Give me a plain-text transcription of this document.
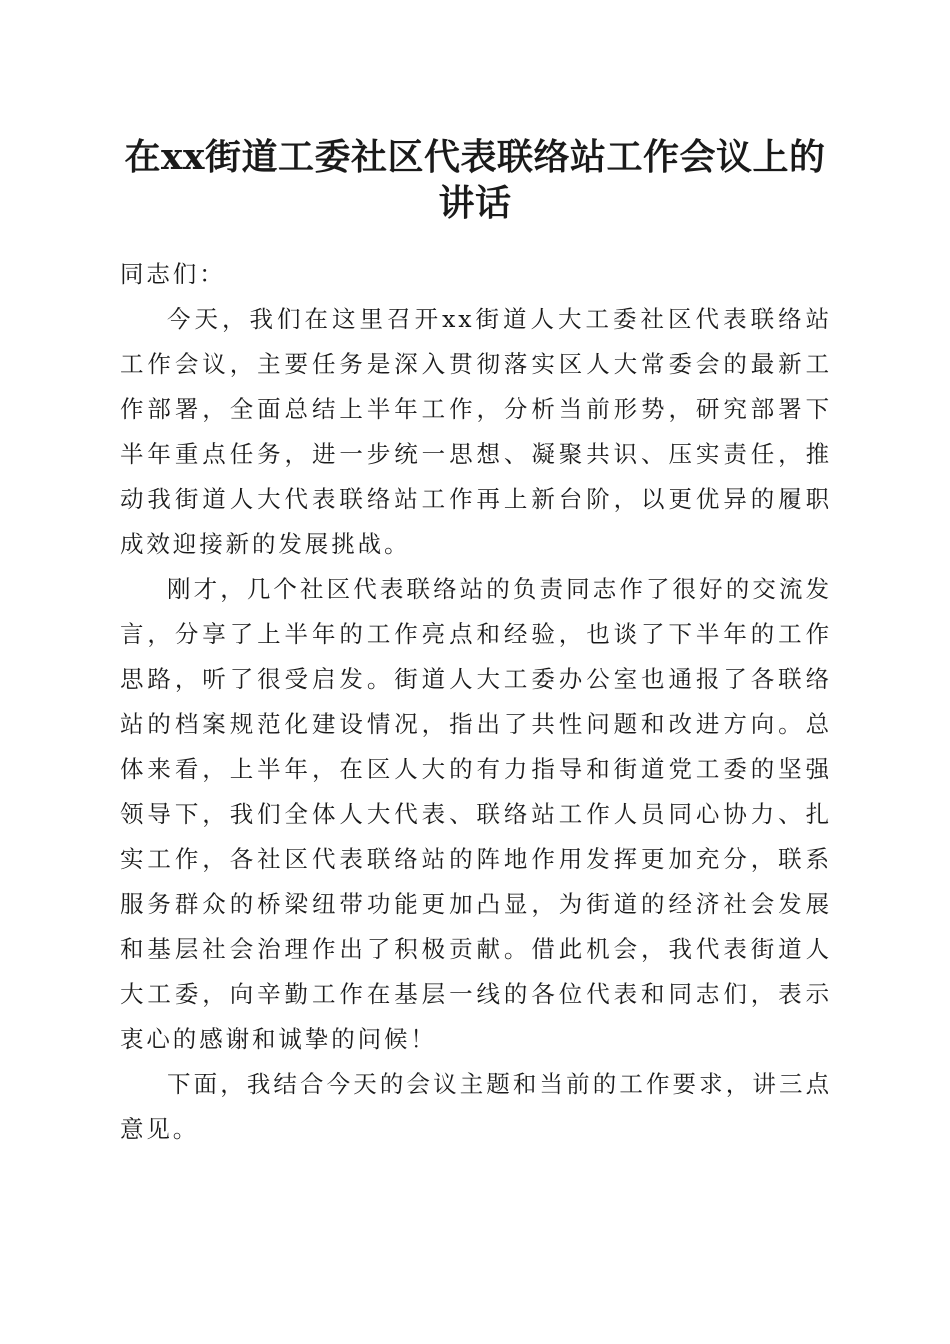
在xx街道工委社区代表联络站工作会议上的
讲话

同志们：

今天，我们在这里召开xx街道人大工委社区代表联络站工作会议，主要任务是深入贯彻落实区人大常委会的最新工作部署，全面总结上半年工作，分析当前形势，研究部署下半年重点任务，进一步统一思想、凝聚共识、压实责任，推动我街道人大代表联络站工作再上新台阶，以更优异的履职成效迎接新的发展挑战。

刚才，几个社区代表联络站的负责同志作了很好的交流发言，分享了上半年的工作亮点和经验，也谈了下半年的工作思路，听了很受启发。街道人大工委办公室也通报了各联络站的档案规范化建设情况，指出了共性问题和改进方向。总体来看，上半年，在区人大的有力指导和街道党工委的坚强领导下，我们全体人大代表、联络站工作人员同心协力、扎实工作，各社区代表联络站的阵地作用发挥更加充分，联系服务群众的桥梁纽带功能更加凸显，为街道的经济社会发展和基层社会治理作出了积极贡献。借此机会，我代表街道人大工委，向辛勤工作在基层一线的各位代表和同志们，表示衷心的感谢和诚挚的问候！

下面，我结合今天的会议主题和当前的工作要求，讲三点意见。
